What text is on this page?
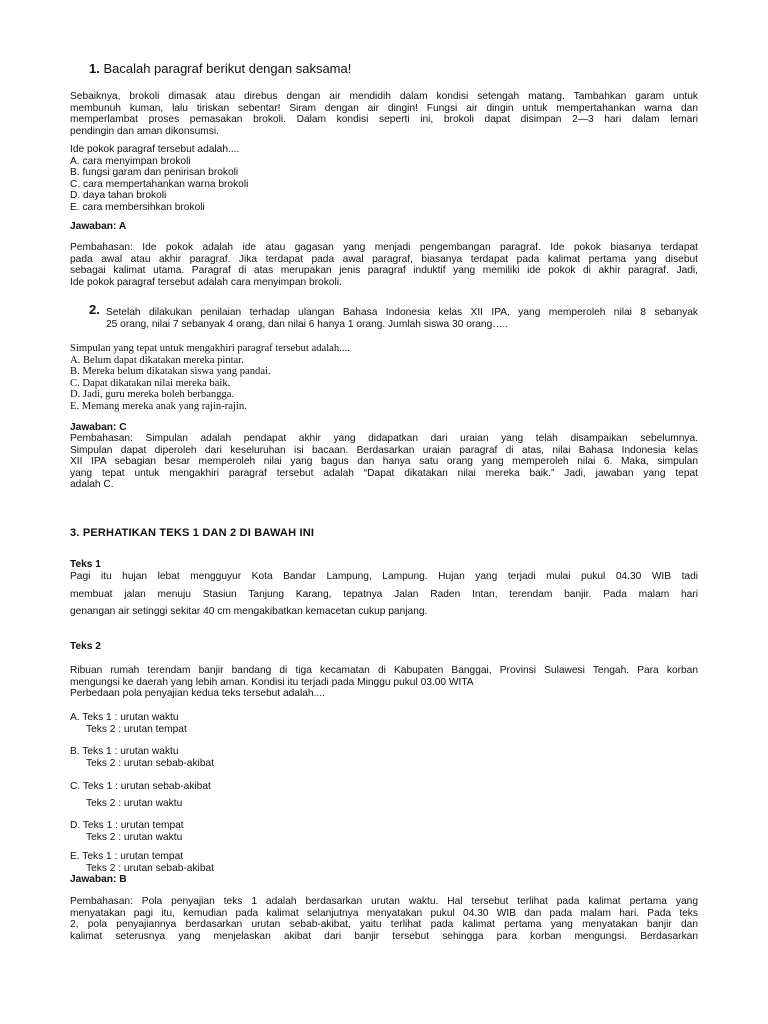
1. Bacalah paragraf berikut dengan saksama!
Sebaiknya, brokoli dimasak atau direbus dengan air mendidih dalam kondisi setengah matang. Tambahkan garam untuk
membunuh kuman, lalu tiriskan sebentar! Siram dengan air dingin! Fungsi air dingin untuk mempertahankan warna dan
memperlambat proses pemasakan brokoli. Dalam kondisi seperti ini, brokoli dapat disimpan 2—3 hari dalam lemari
pendingin dan aman dikonsumsi.
Ide pokok paragraf tersebut adalah....
A. cara menyimpan brokoli
B. fungsi garam dan penirisan brokoli
C. cara mempertahankan warna brokoli
D. daya tahan brokoli
E. cara membersihkan brokoli
Jawaban: A
Pembahasan: Ide pokok adalah ide atau gagasan yang menjadi pengembangan paragraf. Ide pokok biasanya terdapat
pada awal atau akhir paragraf. Jika terdapat pada awal paragraf, biasanya terdapat pada kalimat pertama yang disebut
sebagai kalimat utama. Paragraf di atas merupakan jenis paragraf induktif yang memiliki ide pokok di akhir paragraf. Jadi,
Ide pokok paragraf tersebut adalah cara menyimpan brokoli.
2. Setelah dilakukan penilaian terhadap ulangan Bahasa Indonesia kelas XII IPA, yang memperoleh nilai 8 sebanyak
25 orang, nilai 7 sebanyak 4 orang, dan nilai 6 hanya 1 orang. Jumlah siswa 30 orang…..
Simpulan yang tepat untuk mengakhiri paragraf tersebut adalah....
A. Belum dapat dikatakan mereka pintar.
B. Mereka belum dikatakan siswa yang pandai.
C. Dapat dikatakan nilai mereka baik.
D. Jadi, guru mereka boleh berbangga.
E. Memang mereka anak yang rajin-rajin.
Jawaban: C
Pembahasan: Simpulan adalah pendapat akhir yang didapatkan dari uraian yang telah disampaikan sebelumnya.
Simpulan dapat diperoleh dari keseluruhan isi bacaan. Berdasarkan uraian paragraf di atas, nilai Bahasa Indonesia kelas
XII IPA sebagian besar memperoleh nilai yang bagus dan hanya satu orang yang memperoleh nilai 6. Maka, simpulan
yang tepat untuk mengakhiri paragraf tersebut adalah “Dapat dikatakan nilai mereka baik.” Jadi, jawaban yang tepat
adalah C.
3. PERHATIKAN TEKS 1 DAN 2 DI BAWAH INI
Teks 1
Pagi itu hujan lebat mengguyur Kota Bandar Lampung, Lampung. Hujan yang terjadi mulai pukul 04.30 WIB tadi
membuat jalan menuju Stasiun Tanjung Karang, tepatnya Jalan Raden Intan, terendam banjir. Pada malam hari
genangan air setinggi sekitar 40 cm mengakibatkan kemacetan cukup panjang.
Teks 2
Ribuan rumah terendam banjir bandang di tiga kecamatan di Kabupaten Banggai, Provinsi Sulawesi Tengah. Para korban
mengungsi ke daerah yang lebih aman. Kondisi itu terjadi pada Minggu pukul 03.00 WITA
Perbedaan pola penyajian kedua teks tersebut adalah....
A. Teks 1 : urutan waktu
Teks 2 : urutan tempat
B. Teks 1 : urutan waktu
Teks 2 : urutan sebab-akibat
C. Teks 1 : urutan sebab-akibat
Teks 2 : urutan waktu
D. Teks 1 : urutan tempat
Teks 2 : urutan waktu
E. Teks 1 : urutan tempat
Teks 2 : urutan sebab-akibat
Jawaban: B
Pembahasan: Pola penyajian teks 1 adalah berdasarkan urutan waktu. Hal tersebut terlihat pada kalimat pertama yang
menyatakan pagi itu, kemudian pada kalimat selanjutnya menyatakan pukul 04.30 WIB dan pada malam hari. Pada teks
2, pola penyajiannya berdasarkan urutan sebab-akibat, yaitu terlihat pada kalimat pertama yang menyatakan banjir dan
kalimat seterusnya yang menjelaskan akibat dari banjir tersebut sehingga para korban mengungsi. Berdasarkan
